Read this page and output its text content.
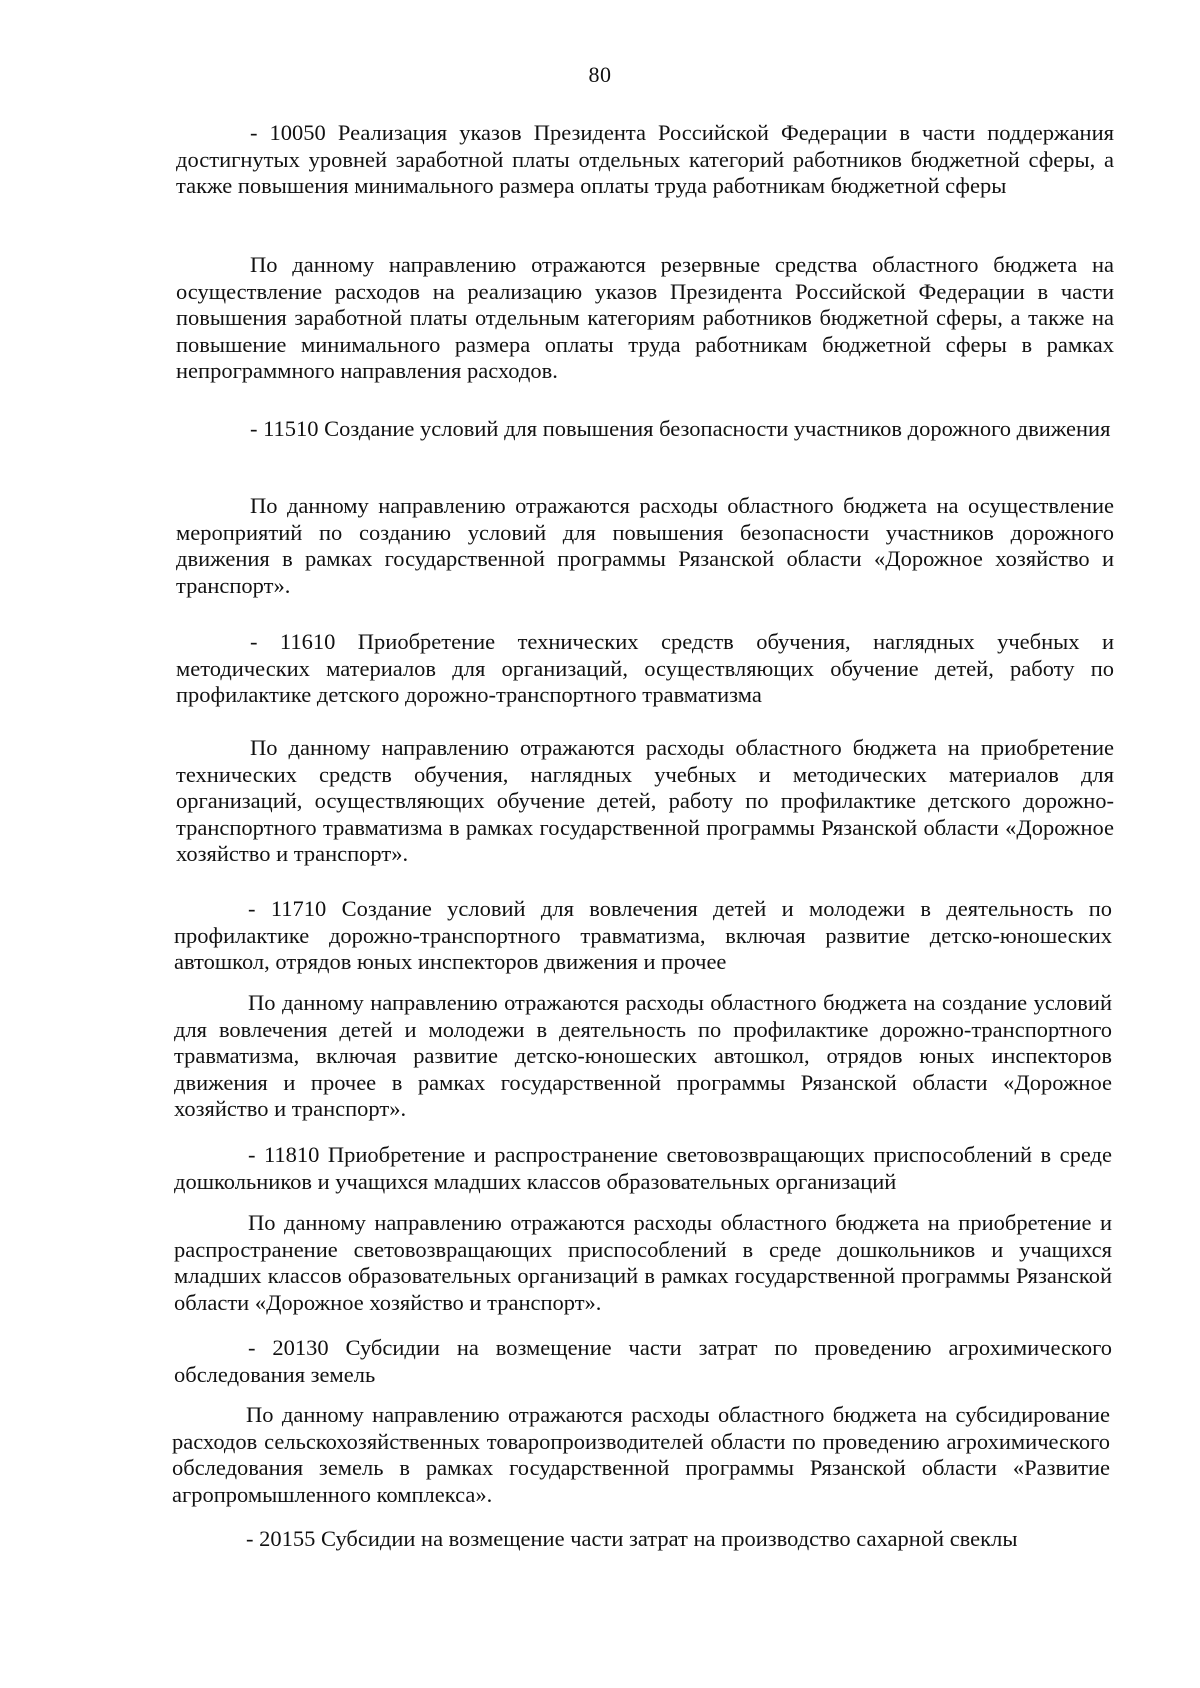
80

- 10050 Реализация указов Президента Российской Федерации в части поддержания достигнутых уровней заработной платы отдельных категорий работников бюджетной сферы, а также повышения минимального размера оплаты труда работникам бюджетной сферы

По данному направлению отражаются резервные средства областного бюджета на осуществление расходов на реализацию указов Президента Российской Федерации в части повышения заработной платы отдельным категориям работников бюджетной сферы, а также на повышение минимального размера оплаты труда работникам бюджетной сферы в рамках непрограммного направления расходов.

- 11510 Создание условий для повышения безопасности участников дорожного движения

По данному направлению отражаются расходы областного бюджета на осуществление мероприятий по созданию условий для повышения безопасности участников дорожного движения в рамках государственной программы Рязанской области «Дорожное хозяйство и транспорт».

- 11610 Приобретение технических средств обучения, наглядных учебных и методических материалов для организаций, осуществляющих обучение детей, работу по профилактике детского дорожно-транспортного травматизма

По данному направлению отражаются расходы областного бюджета на приобретение технических средств обучения, наглядных учебных и методических материалов для организаций, осуществляющих обучение детей, работу по профилактике детского дорожно-транспортного травматизма в рамках государственной программы Рязанской области «Дорожное хозяйство и транспорт».

- 11710 Создание условий для вовлечения детей и молодежи в деятельность по профилактике дорожно-транспортного травматизма, включая развитие детско-юношеских автошкол, отрядов юных инспекторов движения и прочее

По данному направлению отражаются расходы областного бюджета на создание условий для вовлечения детей и молодежи в деятельность по профилактике дорожно-транспортного травматизма, включая развитие детско-юношеских автошкол, отрядов юных инспекторов движения и прочее в рамках государственной программы Рязанской области «Дорожное хозяйство и транспорт».

- 11810 Приобретение и распространение световозвращающих приспособлений в среде дошкольников и учащихся младших классов образовательных организаций

По данному направлению отражаются расходы областного бюджета на приобретение и распространение световозвращающих приспособлений в среде дошкольников и учащихся младших классов образовательных организаций в рамках государственной программы Рязанской области «Дорожное хозяйство и транспорт».

- 20130 Субсидии на возмещение части затрат по проведению агрохимического обследования земель

По данному направлению отражаются расходы областного бюджета на субсидирование расходов сельскохозяйственных товаропроизводителей области по проведению агрохимического обследования земель в рамках государственной программы Рязанской области «Развитие агропромышленного комплекса».

- 20155 Субсидии на возмещение части затрат на производство сахарной свеклы
